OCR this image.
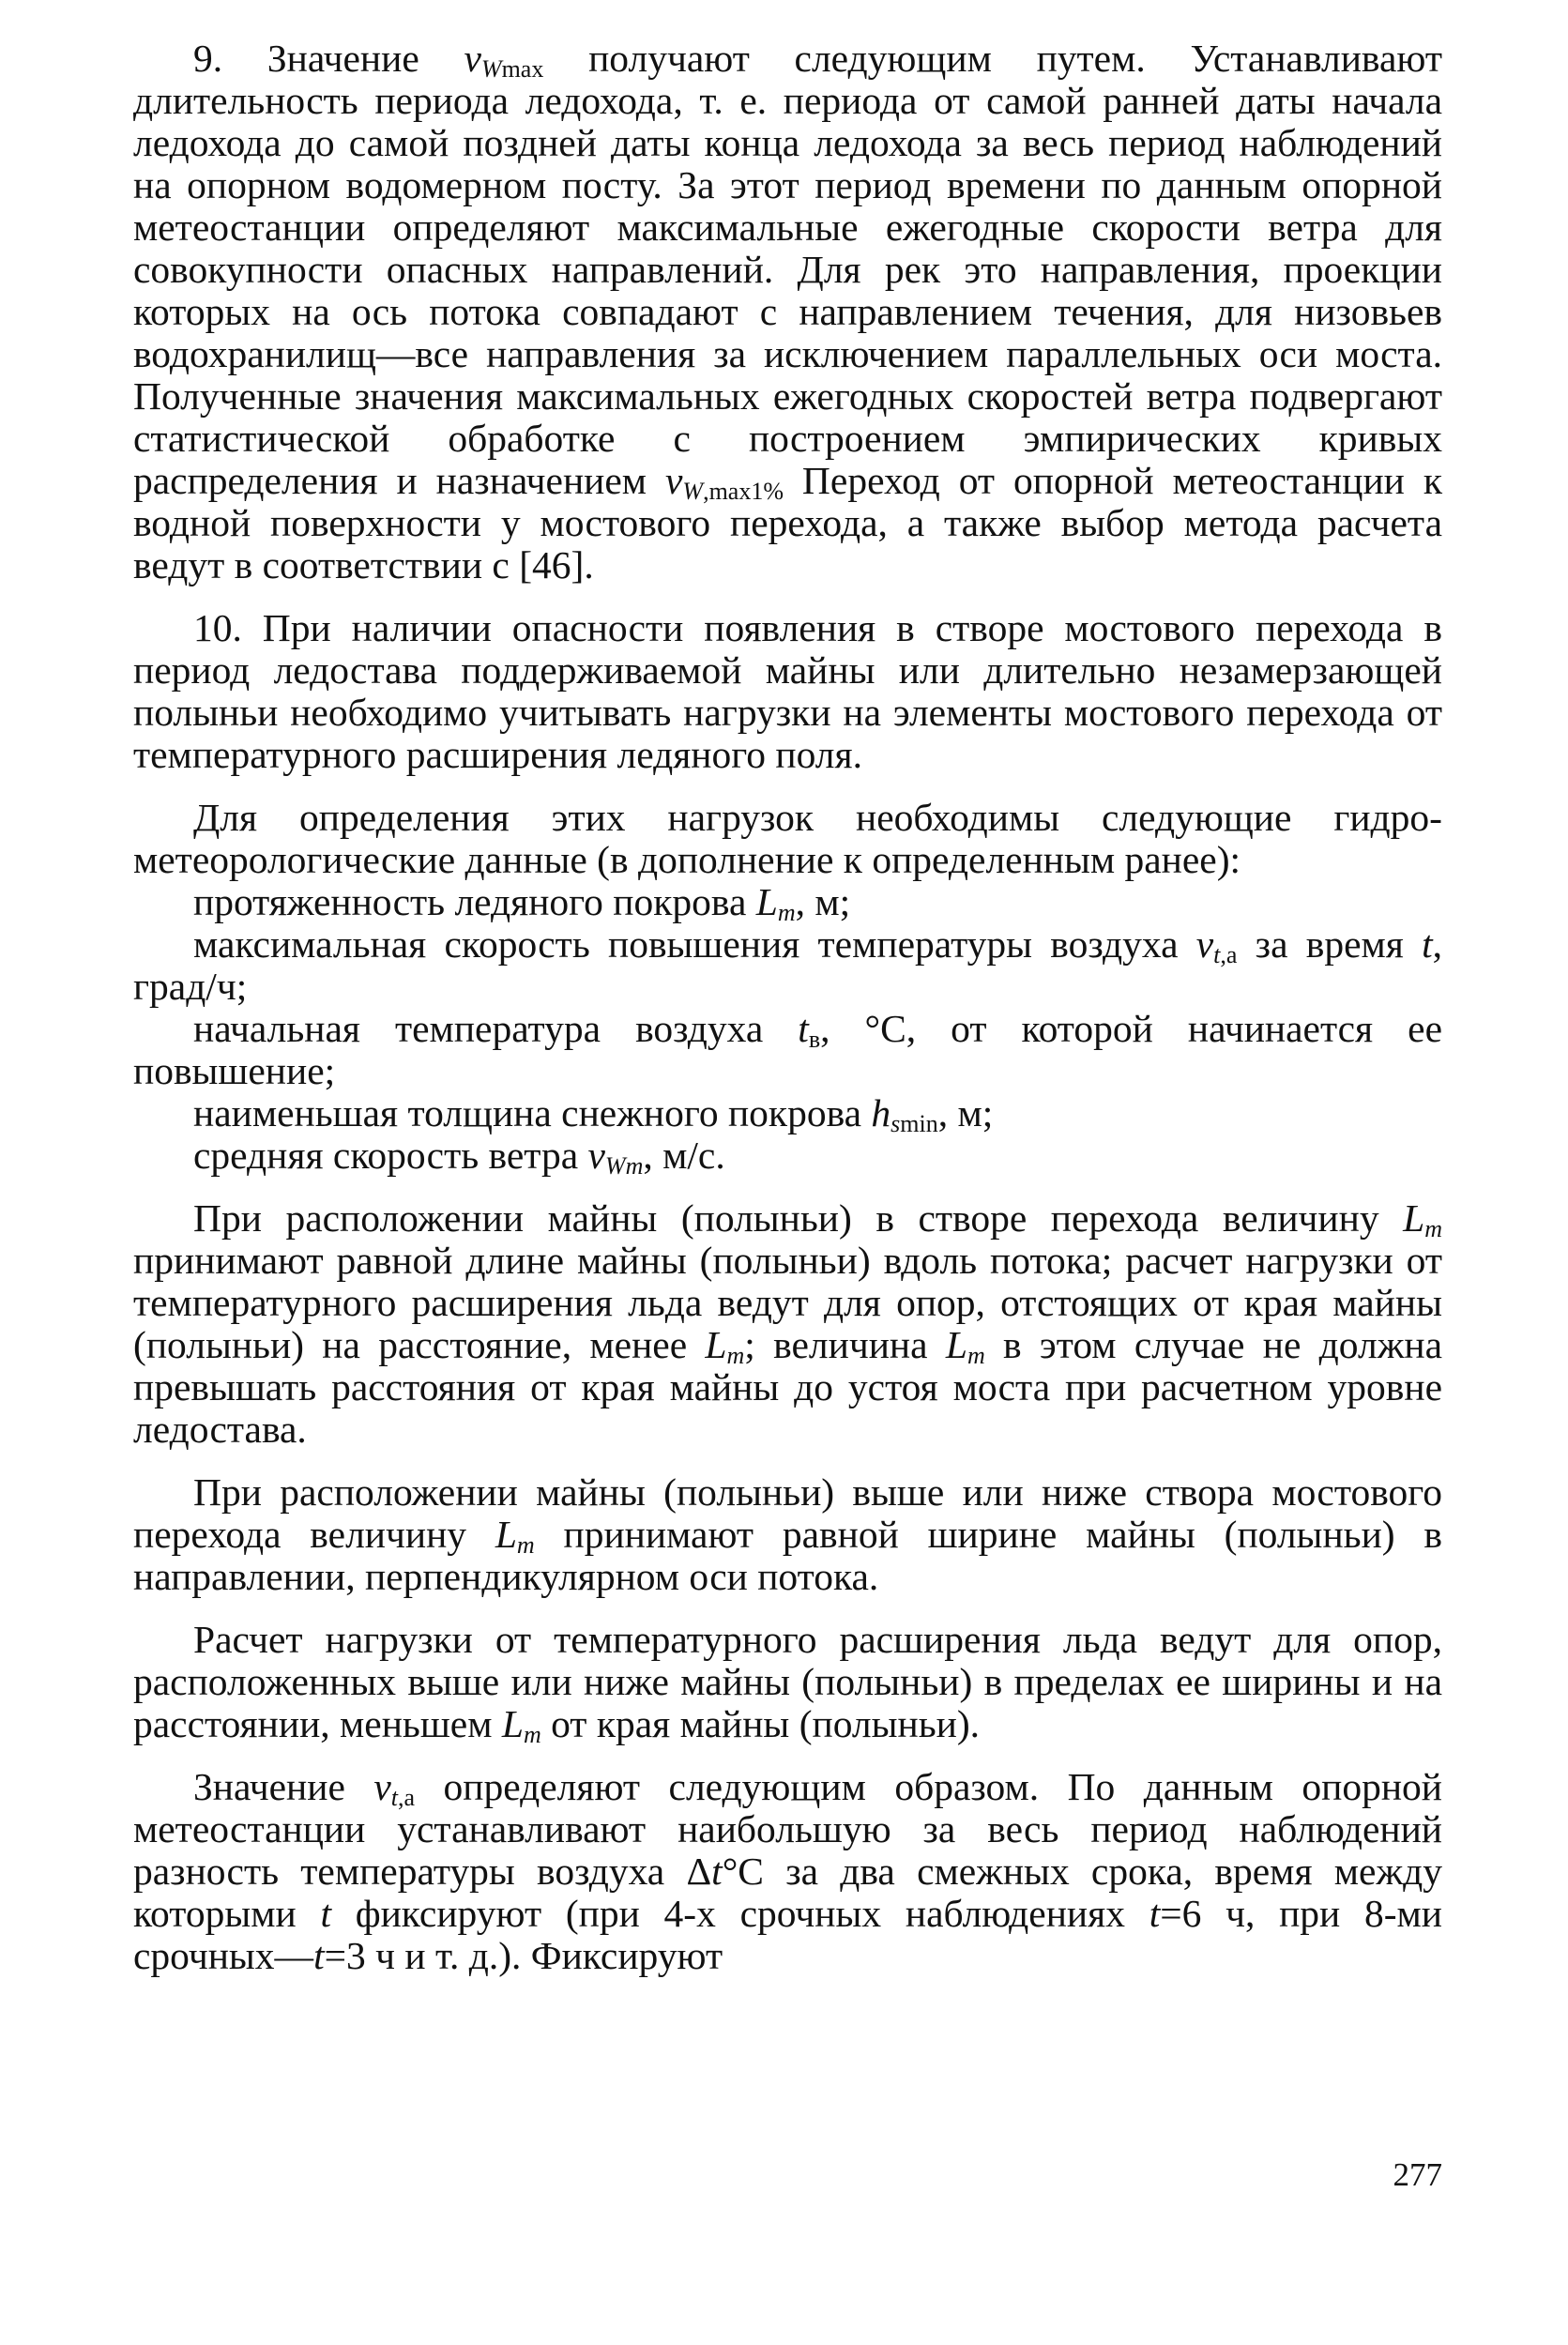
9. Значение $v_{Wmax}$ получают следующим путем. Устанавливают длительность периода ледохода, т. е. периода от самой ранней даты начала ледохода до самой поздней даты конца ледохода за весь период наблюдений на опорном водомерном посту. За этот период времени по данным опорной метеостанции определяют максимальные ежегодные скорости ветра для совокупности опасных направлений. Для рек это направления, проекции которых на ось потока совпадают с направлением течения, для низовьев водохранилищ—все направления за исключением параллельных оси моста. Полученные значения максимальных ежегодных скоростей ветра подвергают статистической обработке с построением эмпирических кривых распределения и назначением $v_{W,max1\%}$ Переход от опорной метеостанции к водной поверхности у мостового перехода, а также выбор метода расчета ведут в соответствии с [46].

10. При наличии опасности появления в створе мостового перехода в период ледостава поддерживаемой майны или длительно незамерзающей полыньи необходимо учитывать нагрузки на элементы мостового перехода от температурного расширения ледяного поля.

Для определения этих нагрузок необходимы следующие гидрометеорологические данные (в дополнение к определенным ранее):

протяженность ледяного покрова $L_m$, м;

максимальная скорость повышения температуры воздуха $v_{t,a}$ за время t, град/ч;

начальная температура воздуха $t_в$, °С, от которой начинается ее повышение;

наименьшая толщина снежного покрова $h_{smin}$, м;

средняя скорость ветра $v_{Wm}$, м/с.

При расположении майны (полыньи) в створе перехода величину $L_m$ принимают равной длине майны (полыньи) вдоль потока; расчет нагрузки от температурного расширения льда ведут для опор, отстоящих от края майны (полыньи) на расстояние, менее $L_m$; величина $L_m$ в этом случае не должна превышать расстояния от края майны до устоя моста при расчетном уровне ледостава.

При расположении майны (полыньи) выше или ниже створа мостового перехода величину $L_m$ принимают равной ширине майны (полыньи) в направлении, перпендикулярном оси потока.

Расчет нагрузки от температурного расширения льда ведут для опор, расположенных выше или ниже майны (полыньи) в пределах ее ширины и на расстоянии, меньшем $L_m$ от края майны (полыньи).

Значение $v_{t,a}$ определяют следующим образом. По данным опорной метеостанции устанавливают наибольшую за весь период наблюдений разность температуры воздуха Δt°С за два смежных срока, время между которыми t фиксируют (при 4-х срочных наблюдениях t=6 ч, при 8-ми срочных—t=3 ч и т. д.). Фиксируют

277
